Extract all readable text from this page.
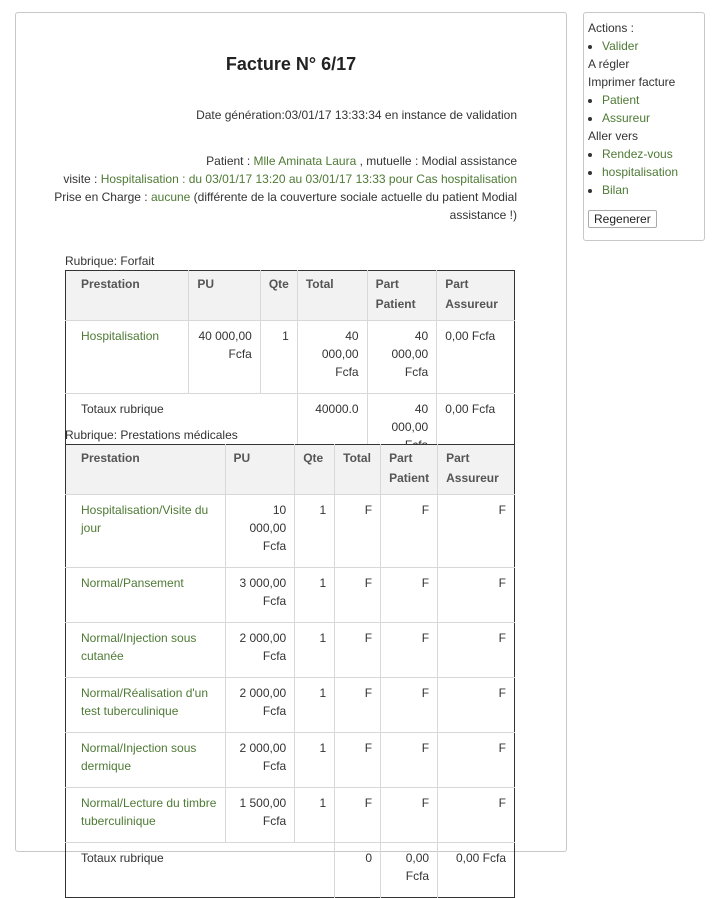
Facture N° 6/17
Date génération:03/01/17 13:33:34 en instance de validation
Patient : Mlle Aminata Laura , mutuelle : Modial assistance
visite : Hospitalisation : du 03/01/17 13:20 au 03/01/17 13:33 pour Cas hospitalisation
Prise en Charge : aucune (différente de la couverture sociale actuelle du patient Modial assistance !)
Rubrique: Forfait
Prestation	PU	Qte	Total	Part Patient	Part Assureur
Hospitalisation	40 000,00 Fcfa	1	40 000,00 Fcfa	40 000,00 Fcfa	0,00 Fcfa
Totaux rubrique			40000.0	40 000,00	0,00 Fcfa
Rubrique: Prestations médicales
Prestation	PU	Qte	Total	Part Patient	Part Assureur
Hospitalisation/Visite du jour	10 000,00 Fcfa	1	F	F	F
Normal/Pansement	3 000,00 Fcfa	1	F	F	F
Normal/Injection sous cutanée	2 000,00 Fcfa	1	F	F	F
Normal/Réalisation d'un test tuberculinique	2 000,00 Fcfa	1	F	F	F
Normal/Injection sous dermique	2 000,00 Fcfa	1	F	F	F
Normal/Lecture du timbre tuberculinique	1 500,00 Fcfa	1	F	F	F
Totaux rubrique			0	0,00 Fcfa	0,00 Fcfa
Actions :
• Valider
A régler
Imprimer facture
• Patient
• Assureur
Aller vers
• Rendez-vous
• hospitalisation
• Bilan
Regenerer
